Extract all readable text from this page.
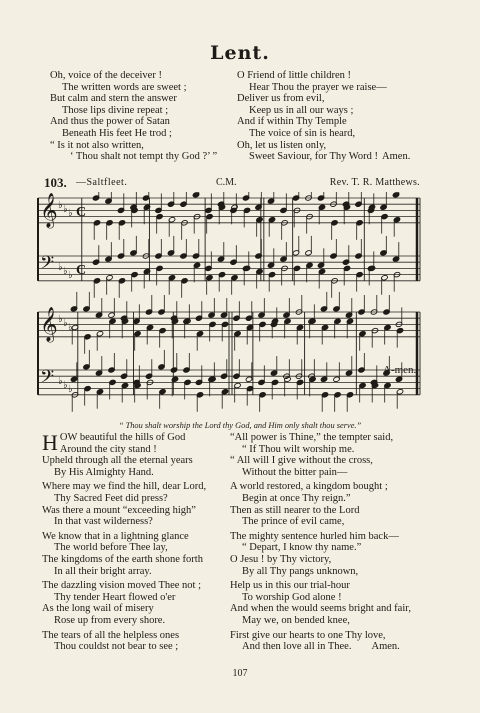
Lent.
Oh, voice of the deceiver !
The written words are sweet ;
But calm and stern the answer
Those lips divine repeat ;
And thus the power of Satan
Beneath His feet He trod ;
“ Is it not also written,
‘ Thou shalt not tempt thy God ?’ ”
O Friend of little children !
Hear Thou the prayer we raise—
Deliver us from evil,
Keep us in all our ways ;
And if within Thy Temple
The voice of sin is heard,
Oh, let us listen only,
Sweet Saviour, for Thy Word ! Amen.
103. —Saltfleet.	C.M.	Rev. T. R. Matthews.
𝄞 ♭ ♭ ♭ C
𝄢 ♭ ♭ ♭ C
𝄞 ♭ ♭ ♭
𝄢 ♭ ♭ ♭
A-men.
“ Thou shalt worship the Lord thy God, and Him only shalt thou serve.”
HOW beautiful the hills of God
Around the city stand !
Upheld through all the eternal years
By His Almighty Hand.
Where may we find the hill, dear Lord,
Thy Sacred Feet did press?
Was there a mount “exceeding high”
In that vast wilderness?
We know that in a lightning glance
The world before Thee lay,
The kingdoms of the earth shone forth
In all their bright array.
The dazzling vision moved Thee not ;
Thy tender Heart flowed o'er
As the long wail of misery
Rose up from every shore.
The tears of all the helpless ones
Thou couldst not bear to see ;
“All power is Thine,” the tempter said,
“ If Thou wilt worship me.
“ All will I give without the cross,
Without the bitter pain—
A world restored, a kingdom bought ;
Begin at once Thy reign.”
Then as still nearer to the Lord
The prince of evil came,
The mighty sentence hurled him back—
“ Depart, I know thy name.”
O Jesu ! by Thy victory,
By all Thy pangs unknown,
Help us in this our trial-hour
To worship God alone !
And when the would seems bright and fair,
May we, on bended knee,
First give our hearts to one Thy love,
And then love all in Thee. Amen.
107
